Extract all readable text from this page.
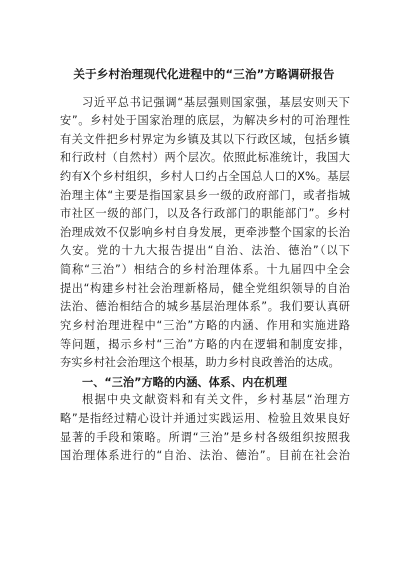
关于乡村治理现代化进程中的“三治”方略调研报告
习近平总书记强调“基层强则国家强，基层安则天下
安”。乡村处于国家治理的底层，为解决乡村的可治理性
有关文件把乡村界定为乡镇及其以下行政区域，包括乡镇
和行政村（自然村）两个层次。依照此标准统计，我国大
约有X个乡村组织，乡村人口约占全国总人口的X%。基层
治理主体“主要是指国家县乡一级的政府部门，或者指城
市社区一级的部门，以及各行政部门的职能部门”。乡村
治理成效不仅影响乡村自身发展，更牵涉整个国家的长治
久安。党的十九大报告提出“自治、法治、德治”（以下
简称“三治”）相结合的乡村治理体系。十九届四中全会
提出“构建乡村社会治理新格局，健全党组织领导的自治
法治、德治相结合的城乡基层治理体系”。我们要认真研
究乡村治理进程中“三治”方略的内涵、作用和实施进路
等问题，揭示乡村“三治”方略的内在逻辑和制度安排，
夯实乡村社会治理这个根基，助力乡村良政善治的达成。
一、“三治”方略的内涵、体系、内在机理
根据中央文献资料和有关文件，乡村基层“治理方
略”是指经过精心设计并通过实践运用、检验且效果良好
显著的手段和策略。所谓“三治”是乡村各级组织按照我
国治理体系进行的“自治、法治、德治”。目前在社会治
